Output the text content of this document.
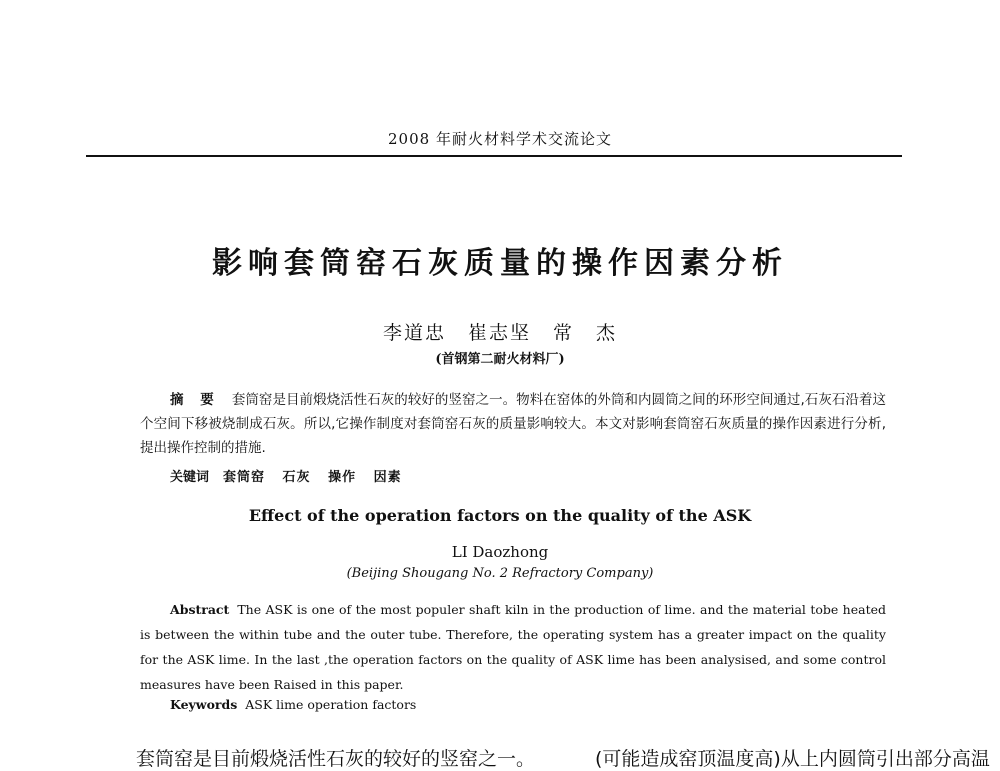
2008 年耐火材料学术交流论文
影响套筒窑石灰质量的操作因素分析
李道忠 崔志坚 常 杰
(首钢第二耐火材料厂)
摘 要 套筒窑是目前煅烧活性石灰的较好的竖窑之一。物料在窑体的外筒和内圆筒之间的环形空间通过,石灰石沿着这个空间下移被烧制成石灰。所以,它操作制度对套筒窑石灰的质量影响较大。本文对影响套筒窑石灰质量的操作因素进行分析,提出操作控制的措施.
关键词 套筒窑 石灰 操作 因素
Effect of the operation factors on the quality of the ASK
LI Daozhong
(Beijing Shougang No. 2 Refractory Company)
Abstract The ASK is one of the most populer shaft kiln in the production of lime. and the material tobe heated is between the within tube and the outer tube. Therefore, the operating system has a greater impact on the quality for the ASK lime. In the last ,the operation factors on the quality of ASK lime has been analysised, and some control measures have been Raised in this paper.
Keywords ASK lime operation factors
套筒窑是目前煅烧活性石灰的较好的竖窑之一。	(可能造成窑顶温度高)从上内圆筒引出部分高温
